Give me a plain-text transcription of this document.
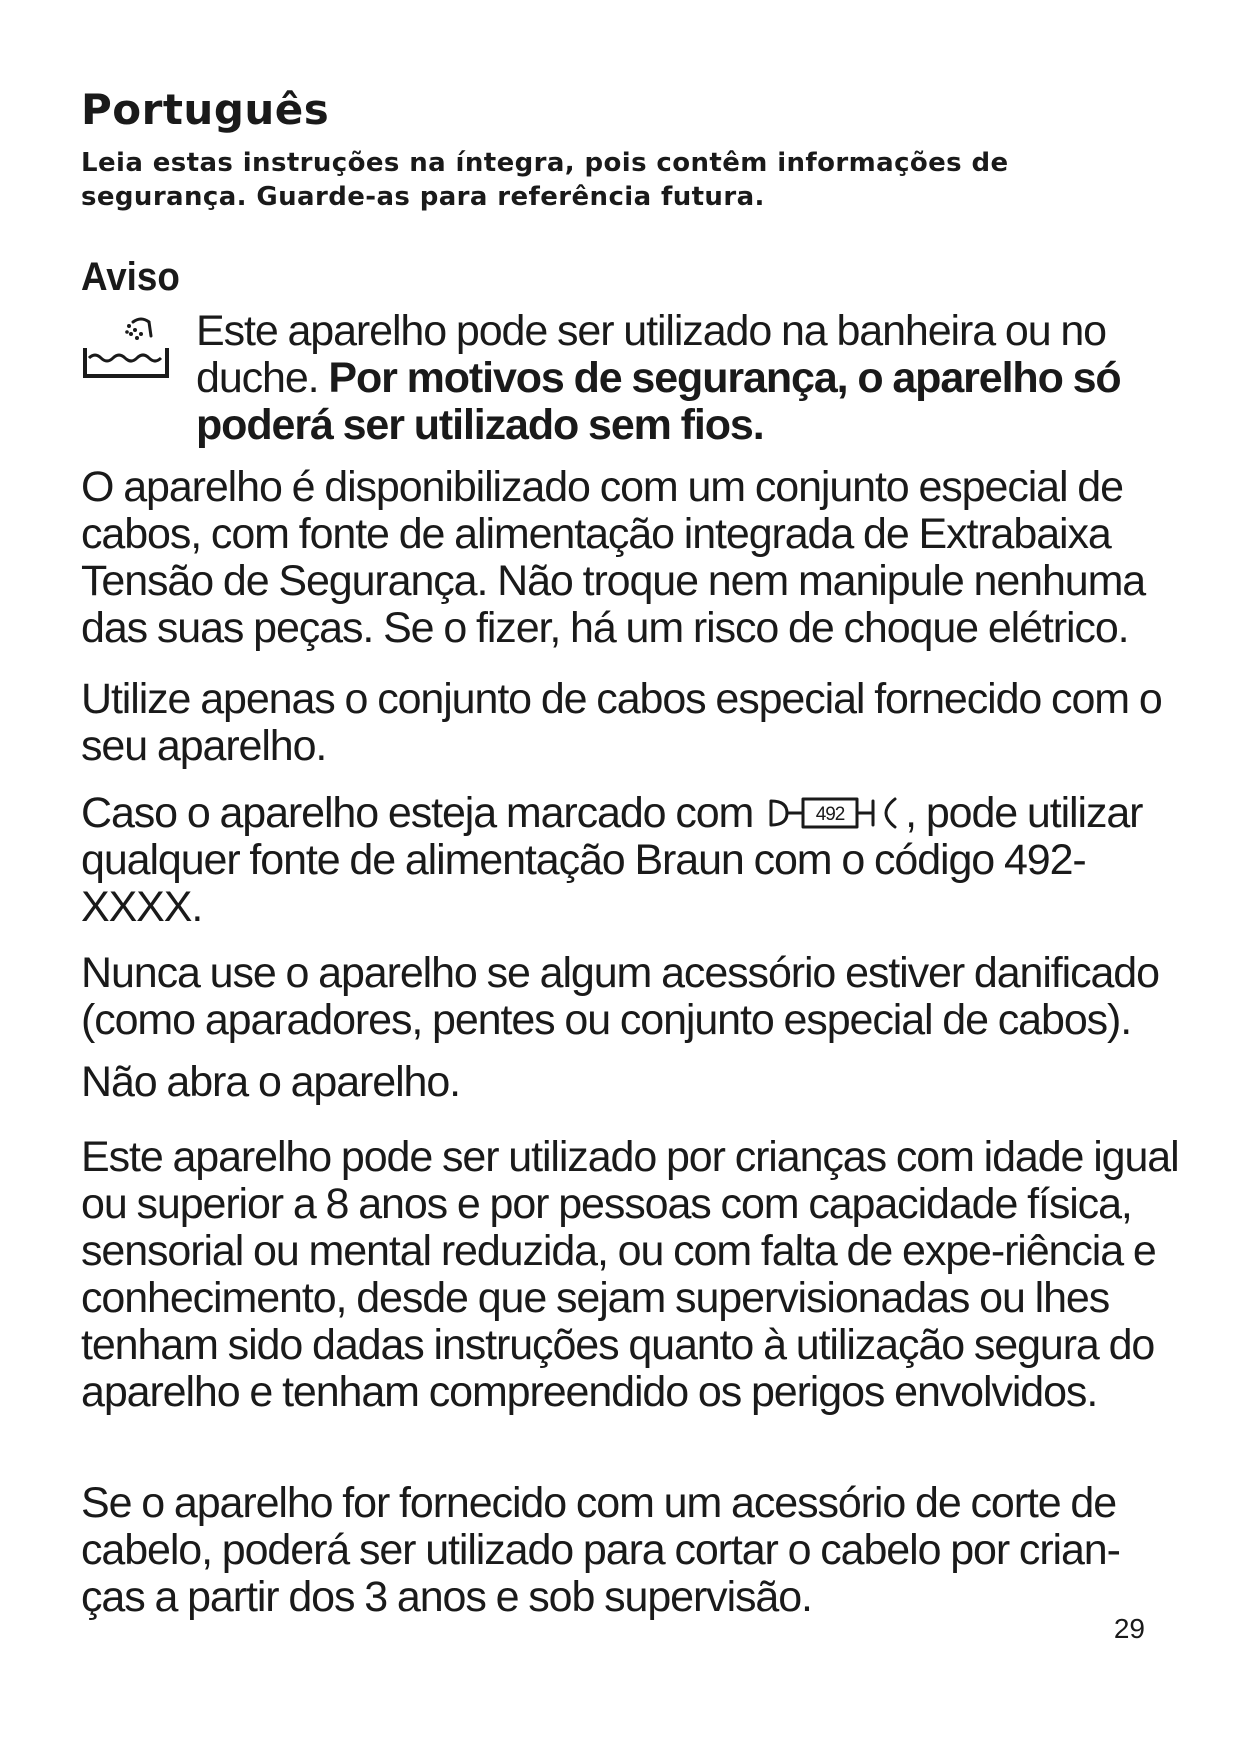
Português

Leia estas instruções na íntegra, pois contêm informações de segurança. Guarde-as para referência futura.

Aviso

Este aparelho pode ser utilizado na banheira ou no duche. Por motivos de segurança, o aparelho só poderá ser utilizado sem fios.

O aparelho é disponibilizado com um conjunto especial de cabos, com fonte de alimentação integrada de Extrabaixa Tensão de Segurança. Não troque nem manipule nenhuma das suas peças. Se o fizer, há um risco de choque elétrico.

Utilize apenas o conjunto de cabos especial fornecido com o seu aparelho.

Caso o aparelho esteja marcado com	492 , pode utilizar qualquer fonte de alimentação Braun com o código 492-XXXX.

Nunca use o aparelho se algum acessório estiver danificado (como aparadores, pentes ou conjunto especial de cabos).

Não abra o aparelho.

Este aparelho pode ser utilizado por crianças com idade igual ou superior a 8 anos e por pessoas com capacidade física, sensorial ou mental reduzida, ou com falta de expe-riência e conhecimento, desde que sejam supervisionadas ou lhes tenham sido dadas instruções quanto à utilização segura do aparelho e tenham compreendido os perigos envolvidos.

Se o aparelho for fornecido com um acessório de corte de cabelo, poderá ser utilizado para cortar o cabelo por crian-ças a partir dos 3 anos e sob supervisão.

29
